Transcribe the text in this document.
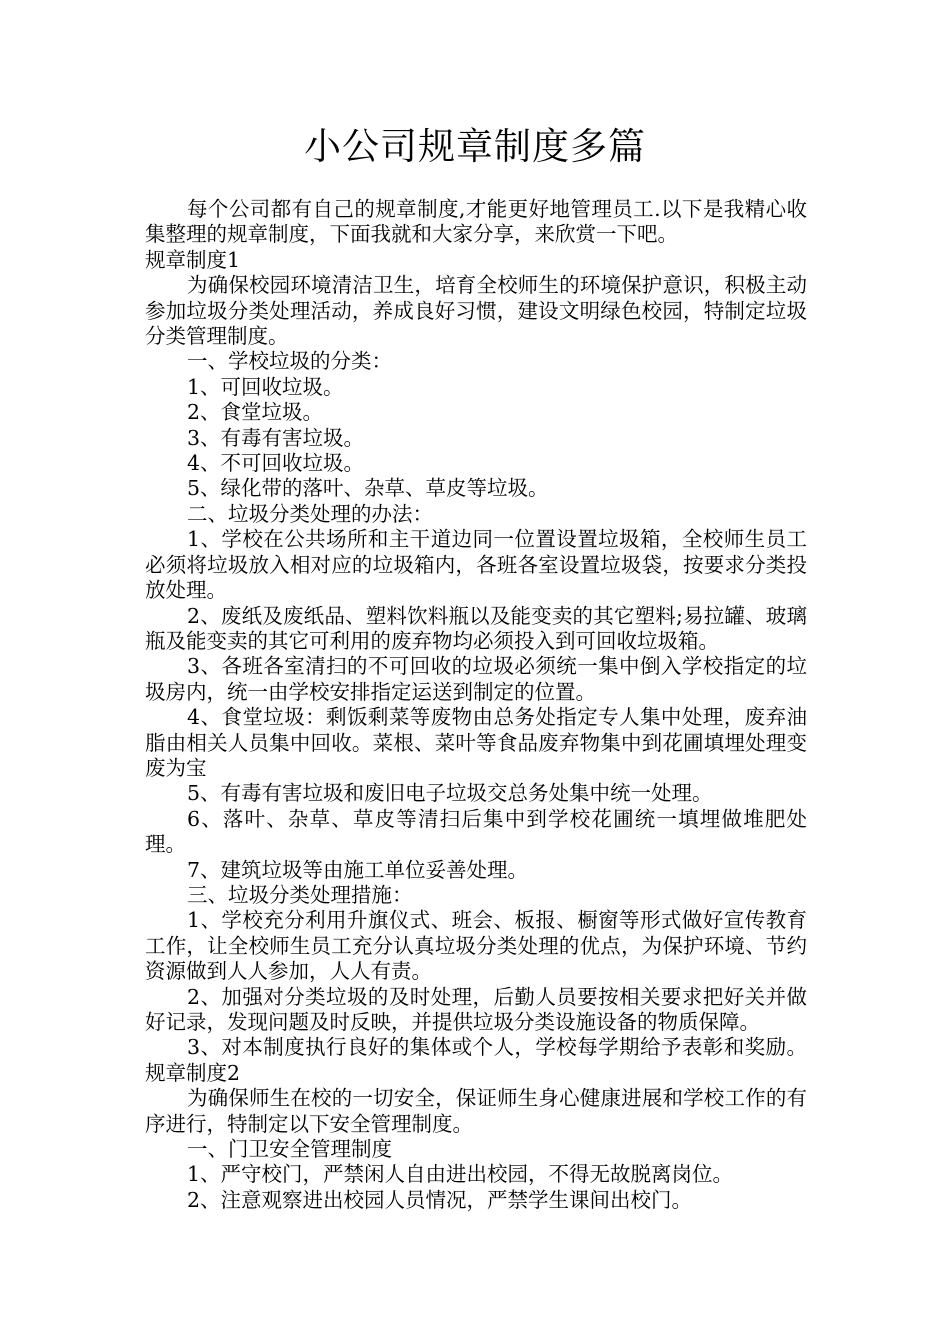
小公司规章制度多篇

每个公司都有自己的规章制度,才能更好地管理员工.以下是我精心收集整理的规章制度，下面我就和大家分享，来欣赏一下吧。

规章制度1

为确保校园环境清洁卫生，培育全校师生的环境保护意识，积极主动参加垃圾分类处理活动，养成良好习惯，建设文明绿色校园，特制定垃圾分类管理制度。

一、学校垃圾的分类：

1、可回收垃圾。

2、食堂垃圾。

3、有毒有害垃圾。

4、不可回收垃圾。

5、绿化带的落叶、杂草、草皮等垃圾。

二、垃圾分类处理的办法：

1、学校在公共场所和主干道边同一位置设置垃圾箱，全校师生员工必须将垃圾放入相对应的垃圾箱内，各班各室设置垃圾袋，按要求分类投放处理。

2、废纸及废纸品、塑料饮料瓶以及能变卖的其它塑料;易拉罐、玻璃瓶及能变卖的其它可利用的废弃物均必须投入到可回收垃圾箱。

3、各班各室清扫的不可回收的垃圾必须统一集中倒入学校指定的垃圾房内，统一由学校安排指定运送到制定的位置。

4、食堂垃圾：剩饭剩菜等废物由总务处指定专人集中处理，废弃油脂由相关人员集中回收。菜根、菜叶等食品废弃物集中到花圃填埋处理变废为宝

5、有毒有害垃圾和废旧电子垃圾交总务处集中统一处理。

6、落叶、杂草、草皮等清扫后集中到学校花圃统一填埋做堆肥处理。

7、建筑垃圾等由施工单位妥善处理。

三、垃圾分类处理措施：

1、学校充分利用升旗仪式、班会、板报、橱窗等形式做好宣传教育工作，让全校师生员工充分认真垃圾分类处理的优点，为保护环境、节约资源做到人人参加，人人有责。

2、加强对分类垃圾的及时处理，后勤人员要按相关要求把好关并做好记录，发现问题及时反映，并提供垃圾分类设施设备的物质保障。

3、对本制度执行良好的集体或个人，学校每学期给予表彰和奖励。规章制度2

为确保师生在校的一切安全，保证师生身心健康进展和学校工作的有序进行，特制定以下安全管理制度。

一、门卫安全管理制度

1、严守校门，严禁闲人自由进出校园，不得无故脱离岗位。

2、注意观察进出校园人员情况，严禁学生课间出校门。
